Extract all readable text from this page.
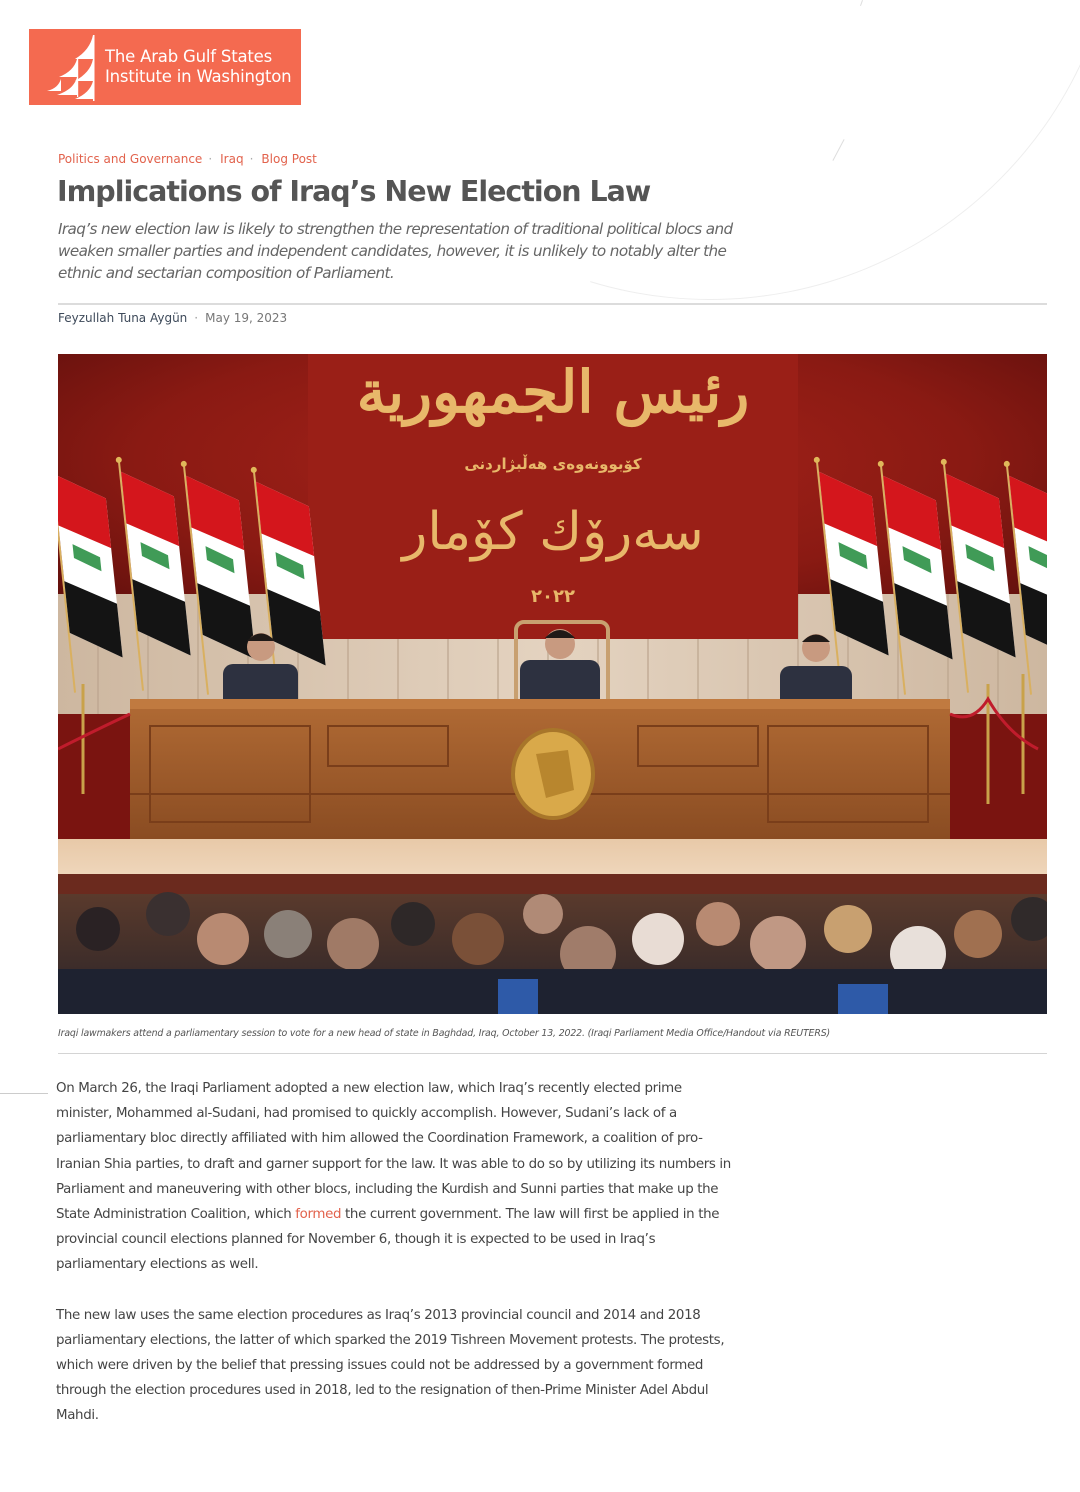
The Arab Gulf States
Institute in Washington
Politics and Governance · Iraq · Blog Post
Implications of Iraq’s New Election Law

Iraq’s new election law is likely to strengthen the representation of traditional political blocs and weaken smaller parties and independent candidates, however, it is unlikely to notably alter the ethnic and sectarian composition of Parliament.

Feyzullah Tuna Aygün · May 19, 2023
رئيس الجمهورية
کۆبوونەوەی هەڵبژاردنی
سەرۆك كۆمار
٢٠٢٢

Iraqi lawmakers attend a parliamentary session to vote for a new head of state in Baghdad, Iraq, October 13, 2022. (Iraqi Parliament Media Office/Handout via REUTERS)

On March 26, the Iraqi Parliament adopted a new election law, which Iraq’s recently elected prime minister, Mohammed al-Sudani, had promised to quickly accomplish. However, Sudani’s lack of a parliamentary bloc directly affiliated with him allowed the Coordination Framework, a coalition of pro-Iranian Shia parties, to draft and garner support for the law. It was able to do so by utilizing its numbers in Parliament and maneuvering with other blocs, including the Kurdish and Sunni parties that make up the State Administration Coalition, which formed the current government. The law will first be applied in the provincial council elections planned for November 6, though it is expected to be used in Iraq’s parliamentary elections as well.

The new law uses the same election procedures as Iraq’s 2013 provincial council and 2014 and 2018 parliamentary elections, the latter of which sparked the 2019 Tishreen Movement protests. The protests, which were driven by the belief that pressing issues could not be addressed by a government formed through the election procedures used in 2018, led to the resignation of then-Prime Minister Adel Abdul Mahdi.
